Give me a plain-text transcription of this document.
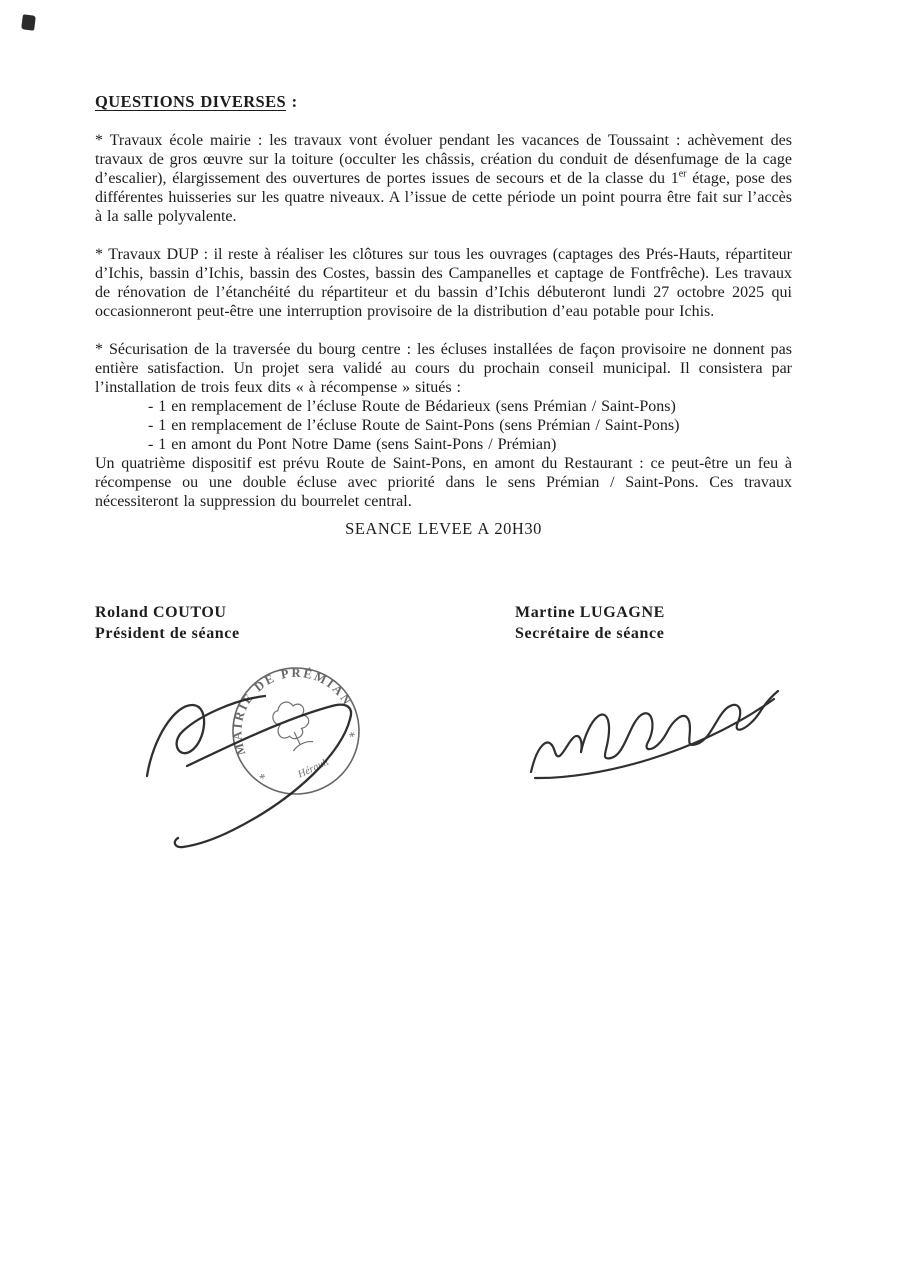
QUESTIONS DIVERSES :

* Travaux école mairie : les travaux vont évoluer pendant les vacances de Toussaint : achèvement des travaux de gros œuvre sur la toiture (occulter les châssis, création du conduit de désenfumage de la cage d’escalier), élargissement des ouvertures de portes issues de secours et de la classe du 1er étage, pose des différentes huisseries sur les quatre niveaux. A l’issue de cette période un point pourra être fait sur l’accès à la salle polyvalente.

* Travaux DUP : il reste à réaliser les clôtures sur tous les ouvrages (captages des Prés-Hauts, répartiteur d’Ichis, bassin d’Ichis, bassin des Costes, bassin des Campanelles et captage de Fontfrêche). Les travaux de rénovation de l’étanchéité du répartiteur et du bassin d’Ichis débuteront lundi 27 octobre 2025 qui occasionneront peut-être une interruption provisoire de la distribution d’eau potable pour Ichis.

* Sécurisation de la traversée du bourg centre : les écluses installées de façon provisoire ne donnent pas entière satisfaction. Un projet sera validé au cours du prochain conseil municipal. Il consistera par l’installation de trois feux dits « à récompense » situés :

- 1 en remplacement de l’écluse Route de Bédarieux (sens Prémian / Saint-Pons)
- 1 en remplacement de l’écluse Route de Saint-Pons (sens Prémian / Saint-Pons)
- 1 en amont du Pont Notre Dame (sens Saint-Pons / Prémian)

Un quatrième dispositif est prévu Route de Saint-Pons, en amont du Restaurant : ce peut-être un feu à récompense ou une double écluse avec priorité dans le sens Prémian / Saint-Pons. Ces travaux nécessiteront la suppression du bourrelet central.

SEANCE LEVEE A 20H30
Roland COUTOU
Président de séance
Martine LUGAGNE
Secrétaire de séance
MAIRIE DE PRÉMIAN
Hérault
*
*
